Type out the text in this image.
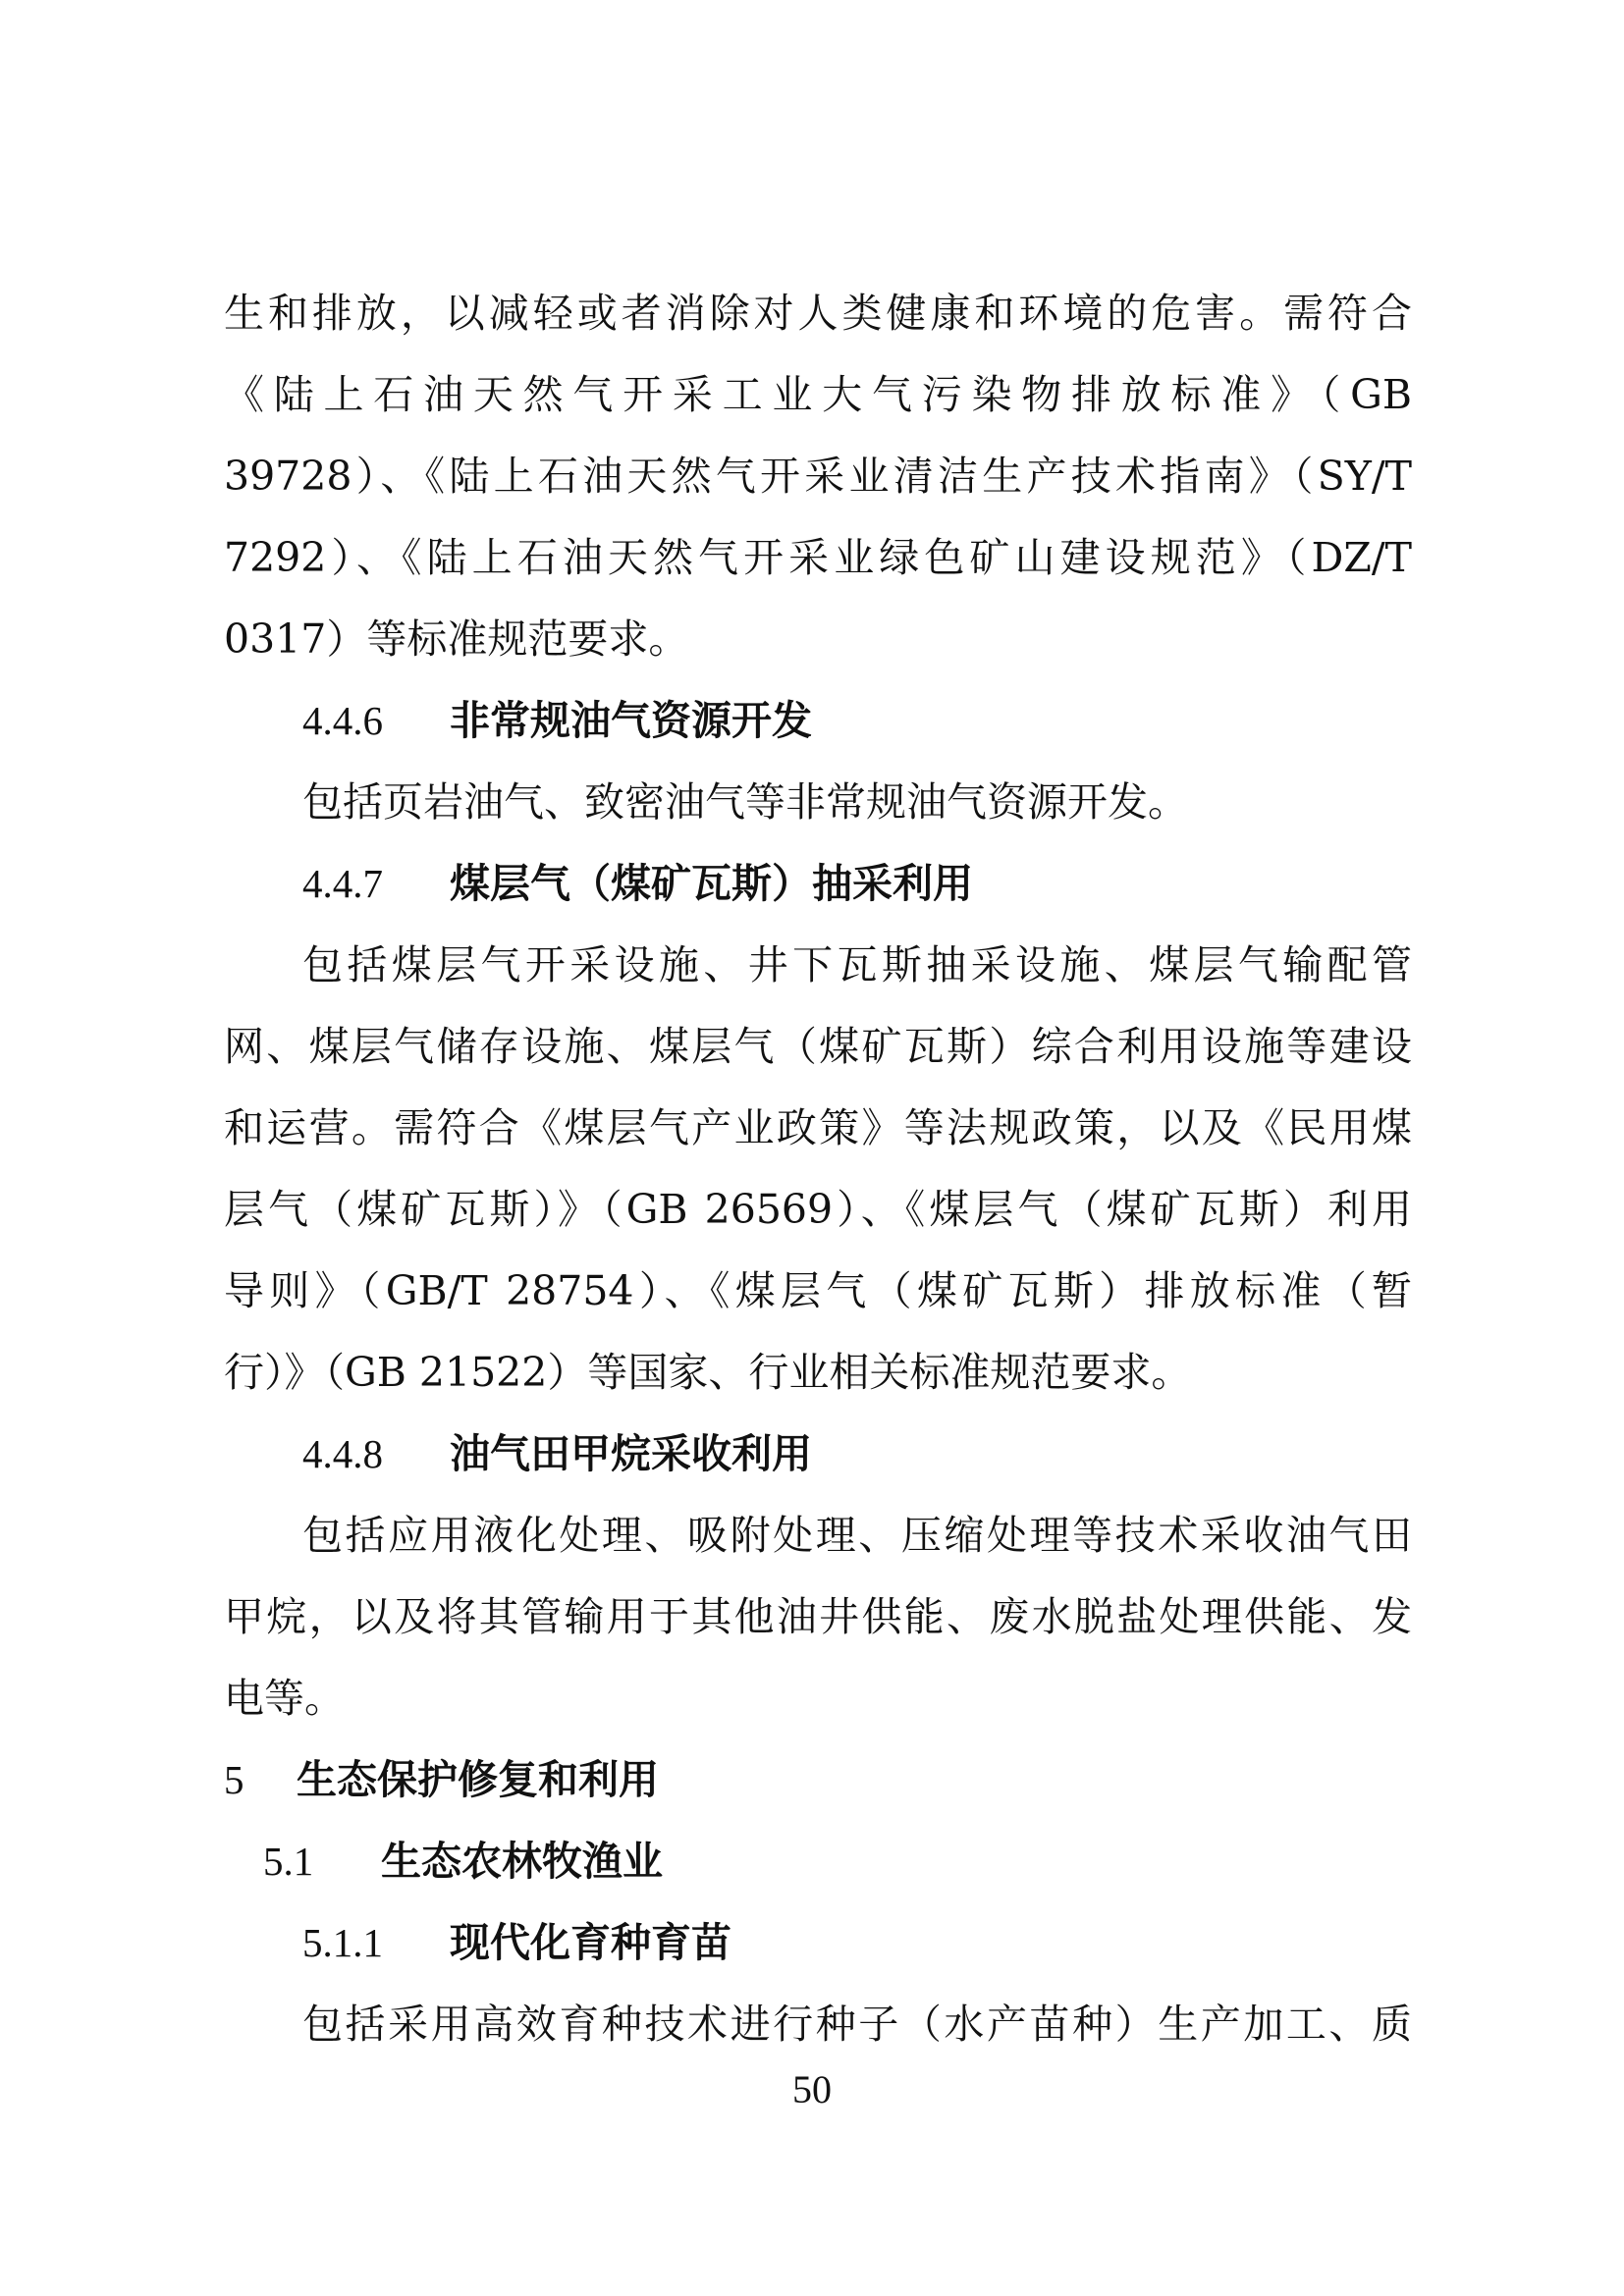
生和排放，以减轻或者消除对人类健康和环境的危害。需符合
《陆上石油天然气开采工业大气污染物排放标准》（GB
39728）、《陆上石油天然气开采业清洁生产技术指南》（SY/T
7292）、《陆上石油天然气开采业绿色矿山建设规范》（DZ/T
0317）等标准规范要求。
4.4.6 非常规油气资源开发
包括页岩油气、致密油气等非常规油气资源开发。
4.4.7 煤层气（煤矿瓦斯）抽采利用
包括煤层气开采设施、井下瓦斯抽采设施、煤层气输配管
网、煤层气储存设施、煤层气（煤矿瓦斯）综合利用设施等建设
和运营。需符合《煤层气产业政策》等法规政策，以及《民用煤
层气（煤矿瓦斯）》（GB 26569）、《煤层气（煤矿瓦斯）利用
导则》（GB/T 28754）、《煤层气（煤矿瓦斯）排放标准（暂
行）》（GB 21522）等国家、行业相关标准规范要求。
4.4.8 油气田甲烷采收利用
包括应用液化处理、吸附处理、压缩处理等技术采收油气田
甲烷，以及将其管输用于其他油井供能、废水脱盐处理供能、发
电等。
5 生态保护修复和利用
5.1 生态农林牧渔业
5.1.1 现代化育种育苗
包括采用高效育种技术进行种子（水产苗种）生产加工、质
50
